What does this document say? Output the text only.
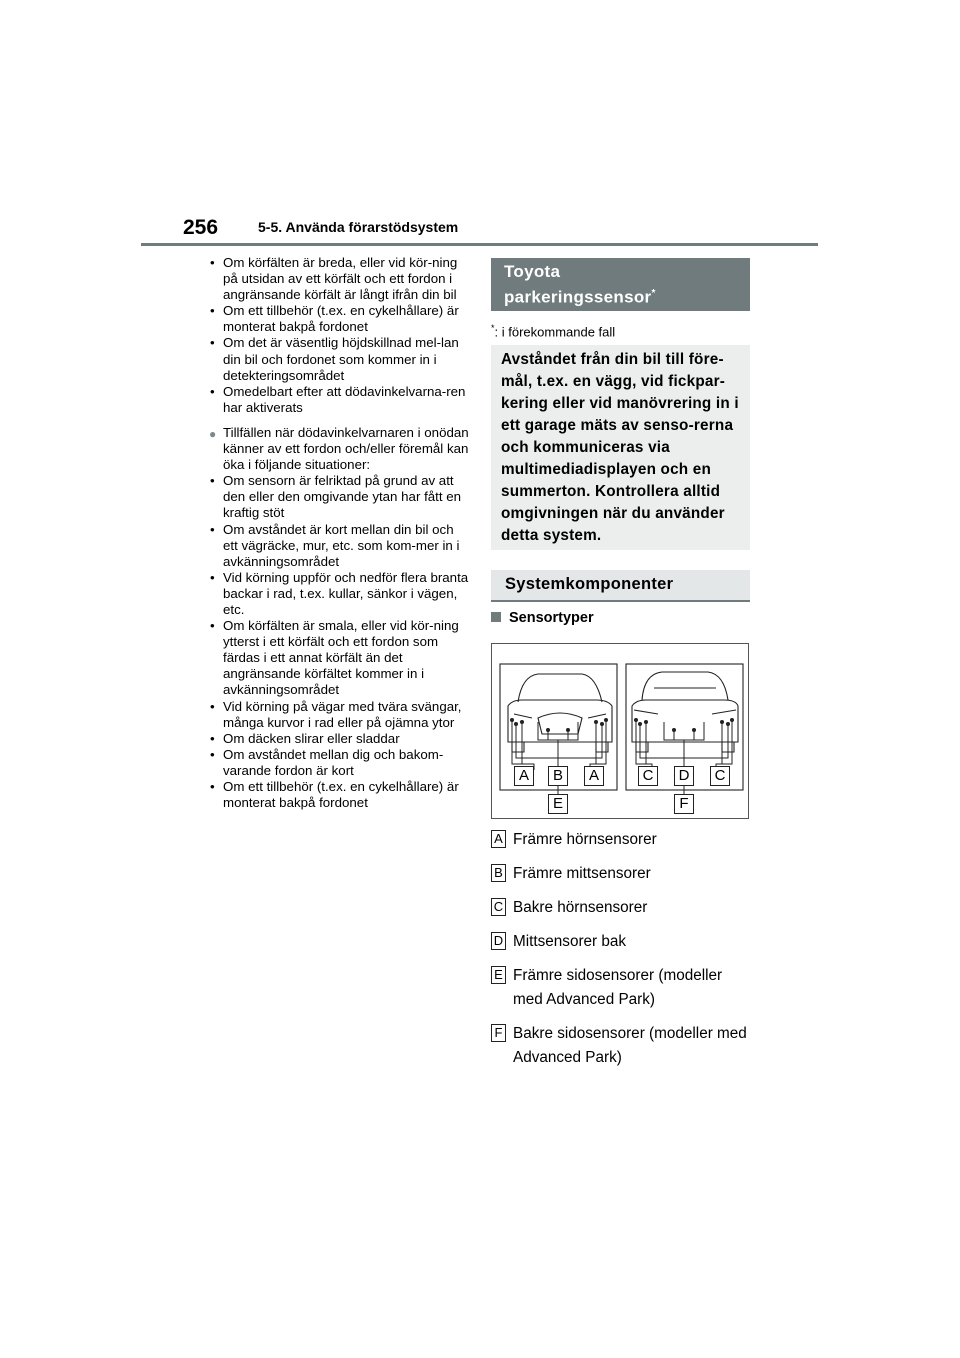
256	5-5. Använda förarstödsystem
• Om körfälten är breda, eller vid kör-ning på utsidan av ett körfält och ett fordon i angränsande körfält är långt ifrån din bil
• Om ett tillbehör (t.ex. en cykelhållare) är monterat bakpå fordonet
• Om det är väsentlig höjdskillnad mel-lan din bil och fordonet som kommer in i detekteringsområdet
• Omedelbart efter att dödavinkelvarna-ren har aktiverats
● Tillfällen när dödavinkelvarnaren i onödan känner av ett fordon och/eller föremål kan öka i följande situationer:
• Om sensorn är felriktad på grund av att den eller den omgivande ytan har fått en kraftig stöt
• Om avståndet är kort mellan din bil och ett vägräcke, mur, etc. som kom-mer in i avkänningsområdet
• Vid körning uppför och nedför flera branta backar i rad, t.ex. kullar, sänkor i vägen, etc.
• Om körfälten är smala, eller vid kör-ning ytterst i ett körfält och ett fordon som färdas i ett annat körfält än det angränsande körfältet kommer in i avkänningsområdet
• Vid körning på vägar med tvära svängar, många kurvor i rad eller på ojämna ytor
• Om däcken slirar eller sladdar
• Om avståndet mellan dig och bakom-varande fordon är kort
• Om ett tillbehör (t.ex. en cykelhållare) är monterat bakpå fordonet
Toyota
parkeringssensor*
*: i förekommande fall
Avståndet från din bil till före-mål, t.ex. en vägg, vid fickpar-kering eller vid manövrering in i ett garage mäts av senso-rerna och kommuniceras via multimediadisplayen och en summerton. Kontrollera alltid omgivningen när du använder detta system.
Systemkomponenter
Sensortyper
A	B	A
E
C	D	C
F
A Främre hörnsensorer
B Främre mittsensorer
C Bakre hörnsensorer
D Mittsensorer bak
E Främre sidosensorer (modeller med Advanced Park)
F Bakre sidosensorer (modeller med Advanced Park)
